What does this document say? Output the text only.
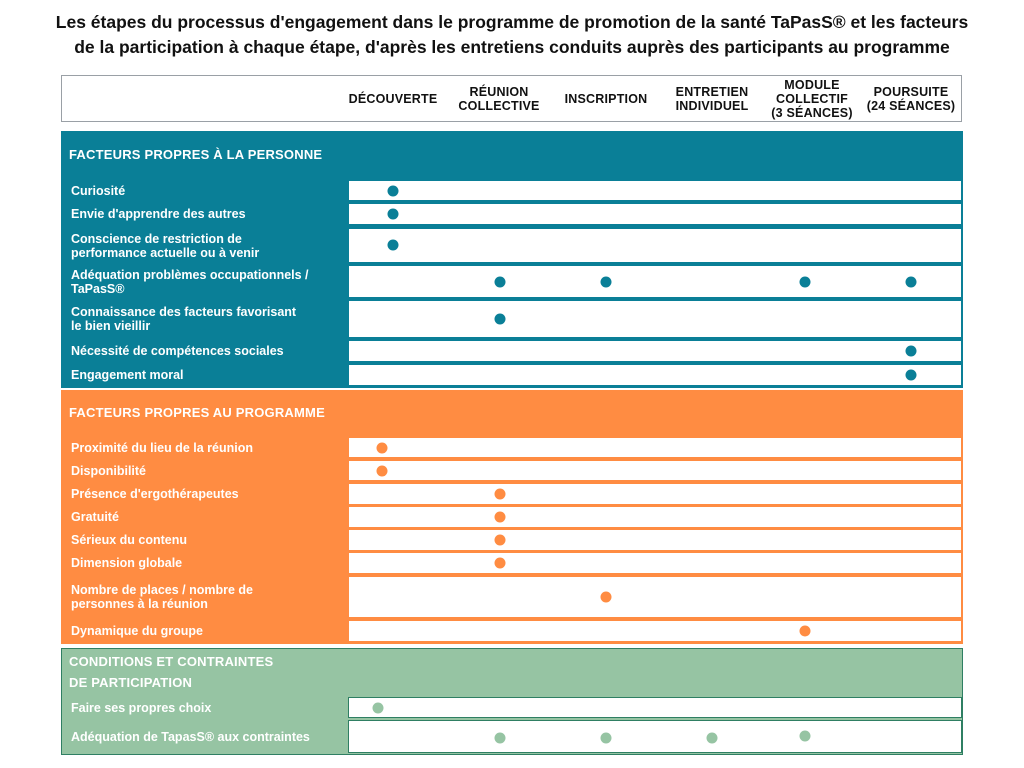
Les étapes du processus d'engagement dans le programme de promotion de la santé TaPasS® et les facteurs
de la participation à chaque étape, d'après les entretiens conduits auprès des participants au programme
DÉCOUVERTE	RÉUNION
COLLECTIVE INSCRIPTION ENTRETIEN
INDIVIDUEL
MODULE
COLLECTIF
(3 SÉANCES)
POURSUITE
(24 SÉANCES)
FACTEURS PROPRES À LA PERSONNE
Curiosité
Envie d'apprendre des autres
Conscience de restriction de
performance actuelle ou à venir
Adéquation problèmes occupationnels /
TaPasS®
Connaissance des facteurs favorisant
le bien vieillir
Nécessité de compétences sociales
Engagement moral
FACTEURS PROPRES AU PROGRAMME
Proximité du lieu de la réunion
Disponibilité
Présence d'ergothérapeutes
Gratuité
Sérieux du contenu
Dimension globale
Nombre de places / nombre de
personnes à la réunion
Dynamique du groupe
CONDITIONS ET CONTRAINTES
DE PARTICIPATION
Faire ses propres choix
Adéquation de TapasS® aux contraintes
